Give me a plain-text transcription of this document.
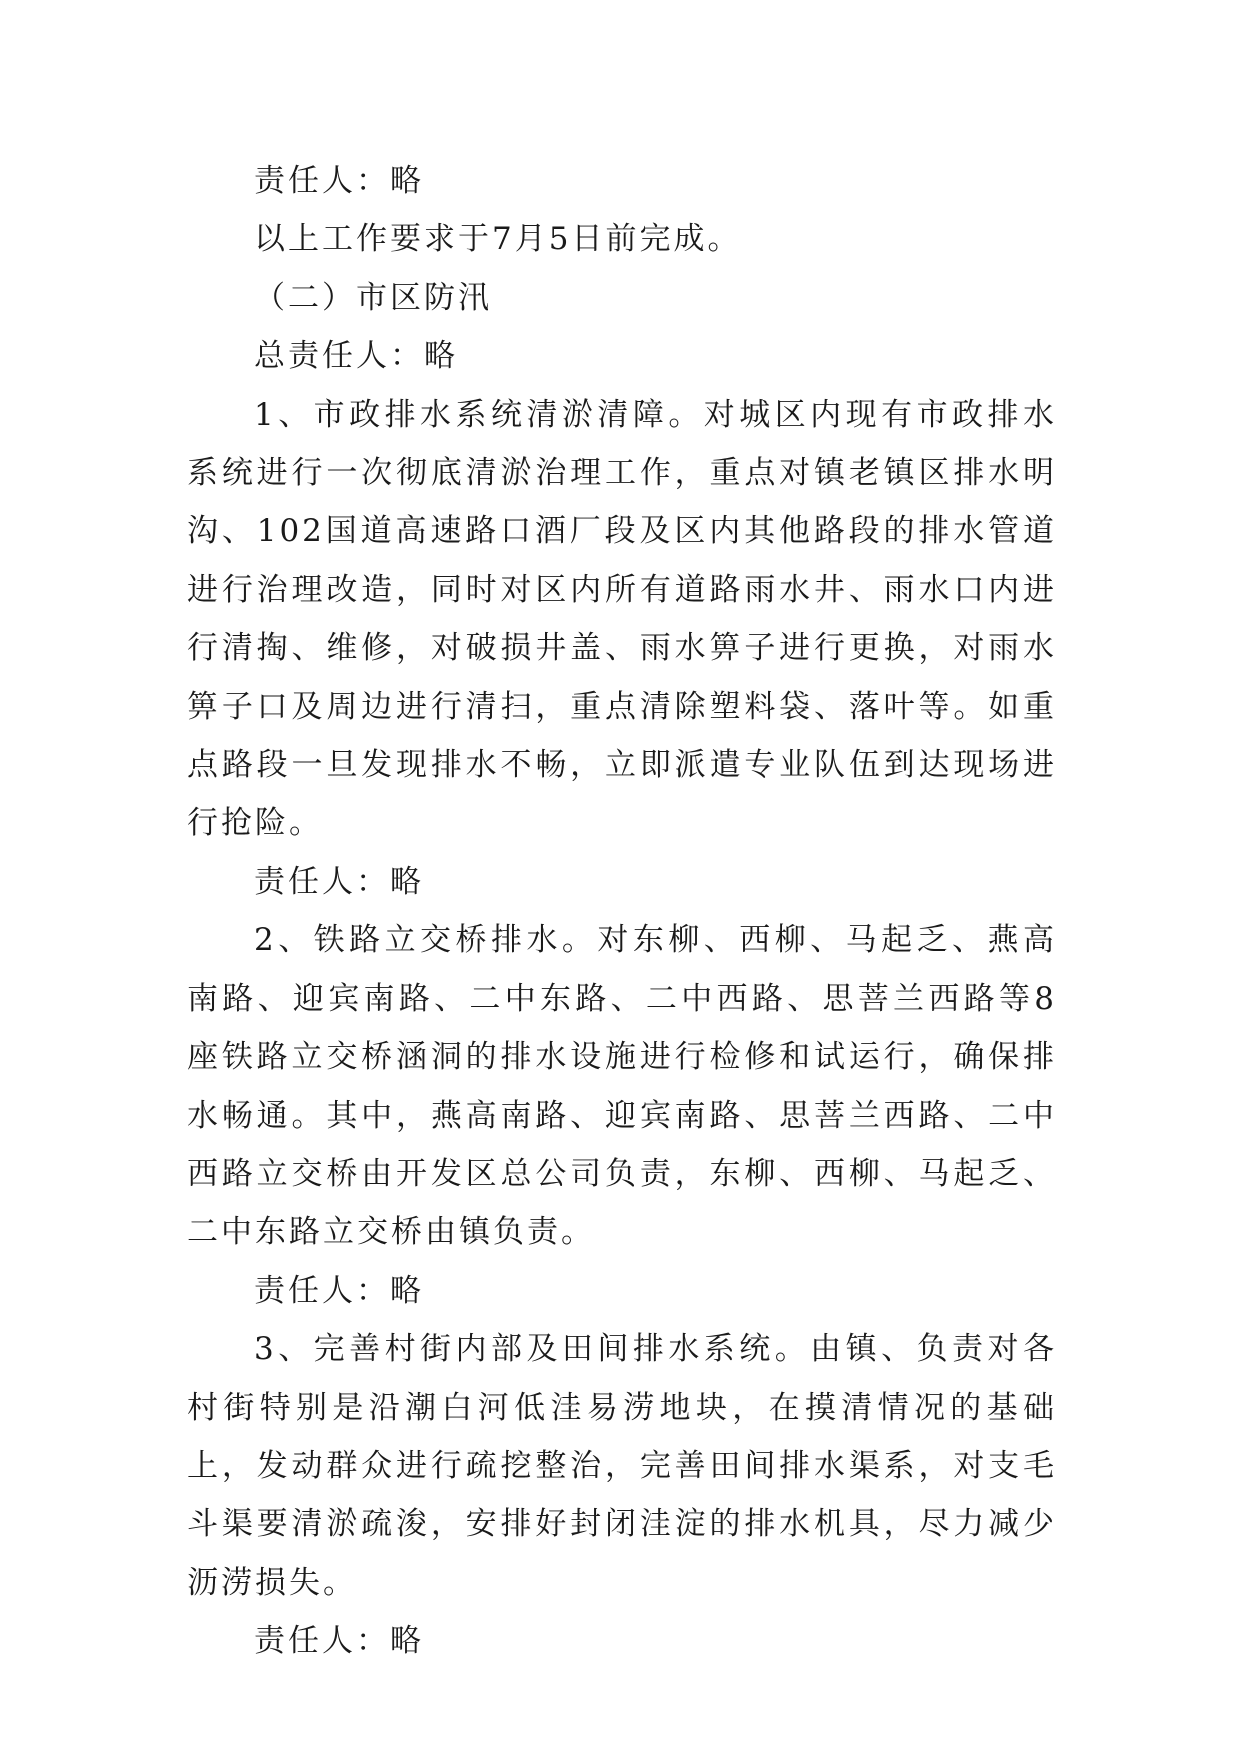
责任人：略

以上工作要求于7月5日前完成。

（二）市区防汛

总责任人：略

1、市政排水系统清淤清障。对城区内现有市政排水系统进行一次彻底清淤治理工作，重点对镇老镇区排水明沟、102国道高速路口酒厂段及区内其他路段的排水管道进行治理改造，同时对区内所有道路雨水井、雨水口内进行清掏、维修，对破损井盖、雨水箅子进行更换，对雨水箅子口及周边进行清扫，重点清除塑料袋、落叶等。如重点路段一旦发现排水不畅，立即派遣专业队伍到达现场进行抢险。

责任人：略

2、铁路立交桥排水。对东柳、西柳、马起乏、燕高南路、迎宾南路、二中东路、二中西路、思菩兰西路等8座铁路立交桥涵洞的排水设施进行检修和试运行，确保排水畅通。其中，燕高南路、迎宾南路、思菩兰西路、二中西路立交桥由开发区总公司负责，东柳、西柳、马起乏、二中东路立交桥由镇负责。

责任人：略

3、完善村街内部及田间排水系统。由镇、负责对各村街特别是沿潮白河低洼易涝地块，在摸清情况的基础上，发动群众进行疏挖整治，完善田间排水渠系，对支毛斗渠要清淤疏浚，安排好封闭洼淀的排水机具，尽力减少沥涝损失。

责任人：略
